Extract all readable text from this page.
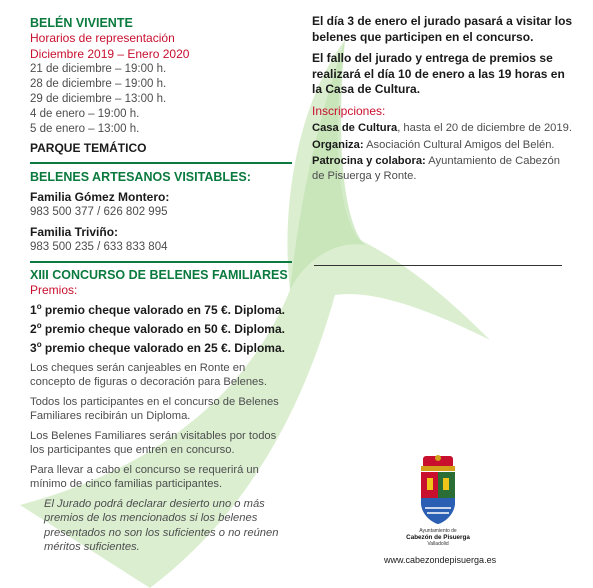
BELÉN VIVIENTE
Horarios de representación
Diciembre 2019 – Enero 2020
21 de diciembre – 19:00 h.
28 de diciembre – 19:00 h.
29 de diciembre – 13:00 h.
4 de enero – 19:00 h.
5 de enero – 13:00 h.
PARQUE TEMÁTICO
BELENES ARTESANOS VISITABLES:
Familia Gómez Montero:
983 500 377 / 626 802 995
Familia Triviño:
983 500 235 / 633 833 804
XIII CONCURSO DE BELENES FAMILIARES
Premios:
1$^o$ premio cheque valorado en 75 €. Diploma.
2$^o$ premio cheque valorado en 50 €. Diploma.
3$^o$ premio cheque valorado en 25 €. Diploma.
Los cheques serán canjeables en Ronte en concepto de figuras o decoración para Belenes.
Todos los participantes en el concurso de Belenes Familiares recibirán un Diploma.
Los Belenes Familiares serán visitables por todos los participantes que entren en concurso.
Para llevar a cabo el concurso se requerirá un mínimo de cinco familias participantes.
El Jurado podrá declarar desierto uno o más premios de los mencionados si los belenes presentados no son los suficientes o no reúnen méritos suficientes.
El día 3 de enero el jurado pasará a visitar los belenes que participen en el concurso.
El fallo del jurado y entrega de premios se realizará el día 10 de enero a las 19 horas en la Casa de Cultura.
Inscripciones:
Casa de Cultura, hasta el 20 de diciembre de 2019.
Organiza: Asociación Cultural Amigos del Belén.
Patrocina y colabora: Ayuntamiento de Cabezón de Pisuerga y Ronte.
Ayuntamiento de
Cabezón de Pisuerga
Valladolid
www.cabezondepisuerga.es
